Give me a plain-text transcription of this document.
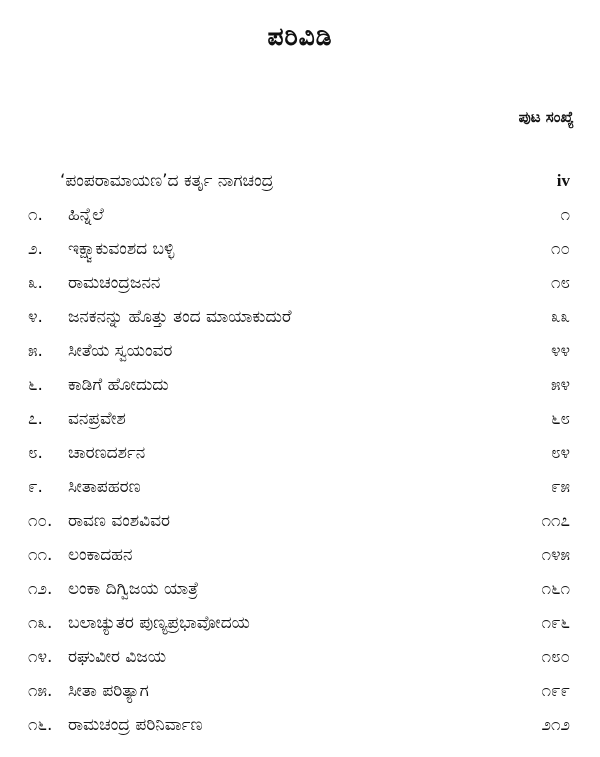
ಪರಿವಿಡಿ
ಪುಟ ಸಂಖ್ಯೆ
‘ಪಂಪರಾಮಾಯಣ’ದ ಕರ್ತೃ ನಾಗಚಂದ್ರ	iv
೧. ಹಿನ್ನೆಲೆ	೧
೨. ಇಕ್ಷ್ವಾಕುವಂಶದ ಬಳ್ಳಿ	೧೦
೩. ರಾಮಚಂದ್ರಜನನ	೧೮
೪. ಜನಕನನ್ನು ಹೊತ್ತು ತಂದ ಮಾಯಾಕುದುರೆ	೩೩
೫. ಸೀತೆಯ ಸ್ವಯಂವರ	೪೪
೬. ಕಾಡಿಗೆ ಹೋದುದು	೫೪
೭. ವನಪ್ರವೇಶ	೬೮
೮. ಚಾರಣದರ್ಶನ	೮೪
೯. ಸೀತಾಪಹರಣ	೯೫
೧೦. ರಾವಣ ವಂಶವಿವರ	೧೧೭
೧೧. ಲಂಕಾದಹನ	೧೪೫
೧೨. ಲಂಕಾ ದಿಗ್ವಿಜಯ ಯಾತ್ರೆ	೧೬೧
೧೩. ಬಲಾಚ್ಯುತರ ಪುಣ್ಯಪ್ರಭಾವೋದಯ	೧೯೬
೧೪. ರಘುವೀರ ವಿಜಯ	೧೮೦
೧೫. ಸೀತಾ ಪರಿತ್ಯಾಗ	೧೯೯
೧೬. ರಾಮಚಂದ್ರ ಪರಿನಿರ್ವಾಣ	೨೧೨
